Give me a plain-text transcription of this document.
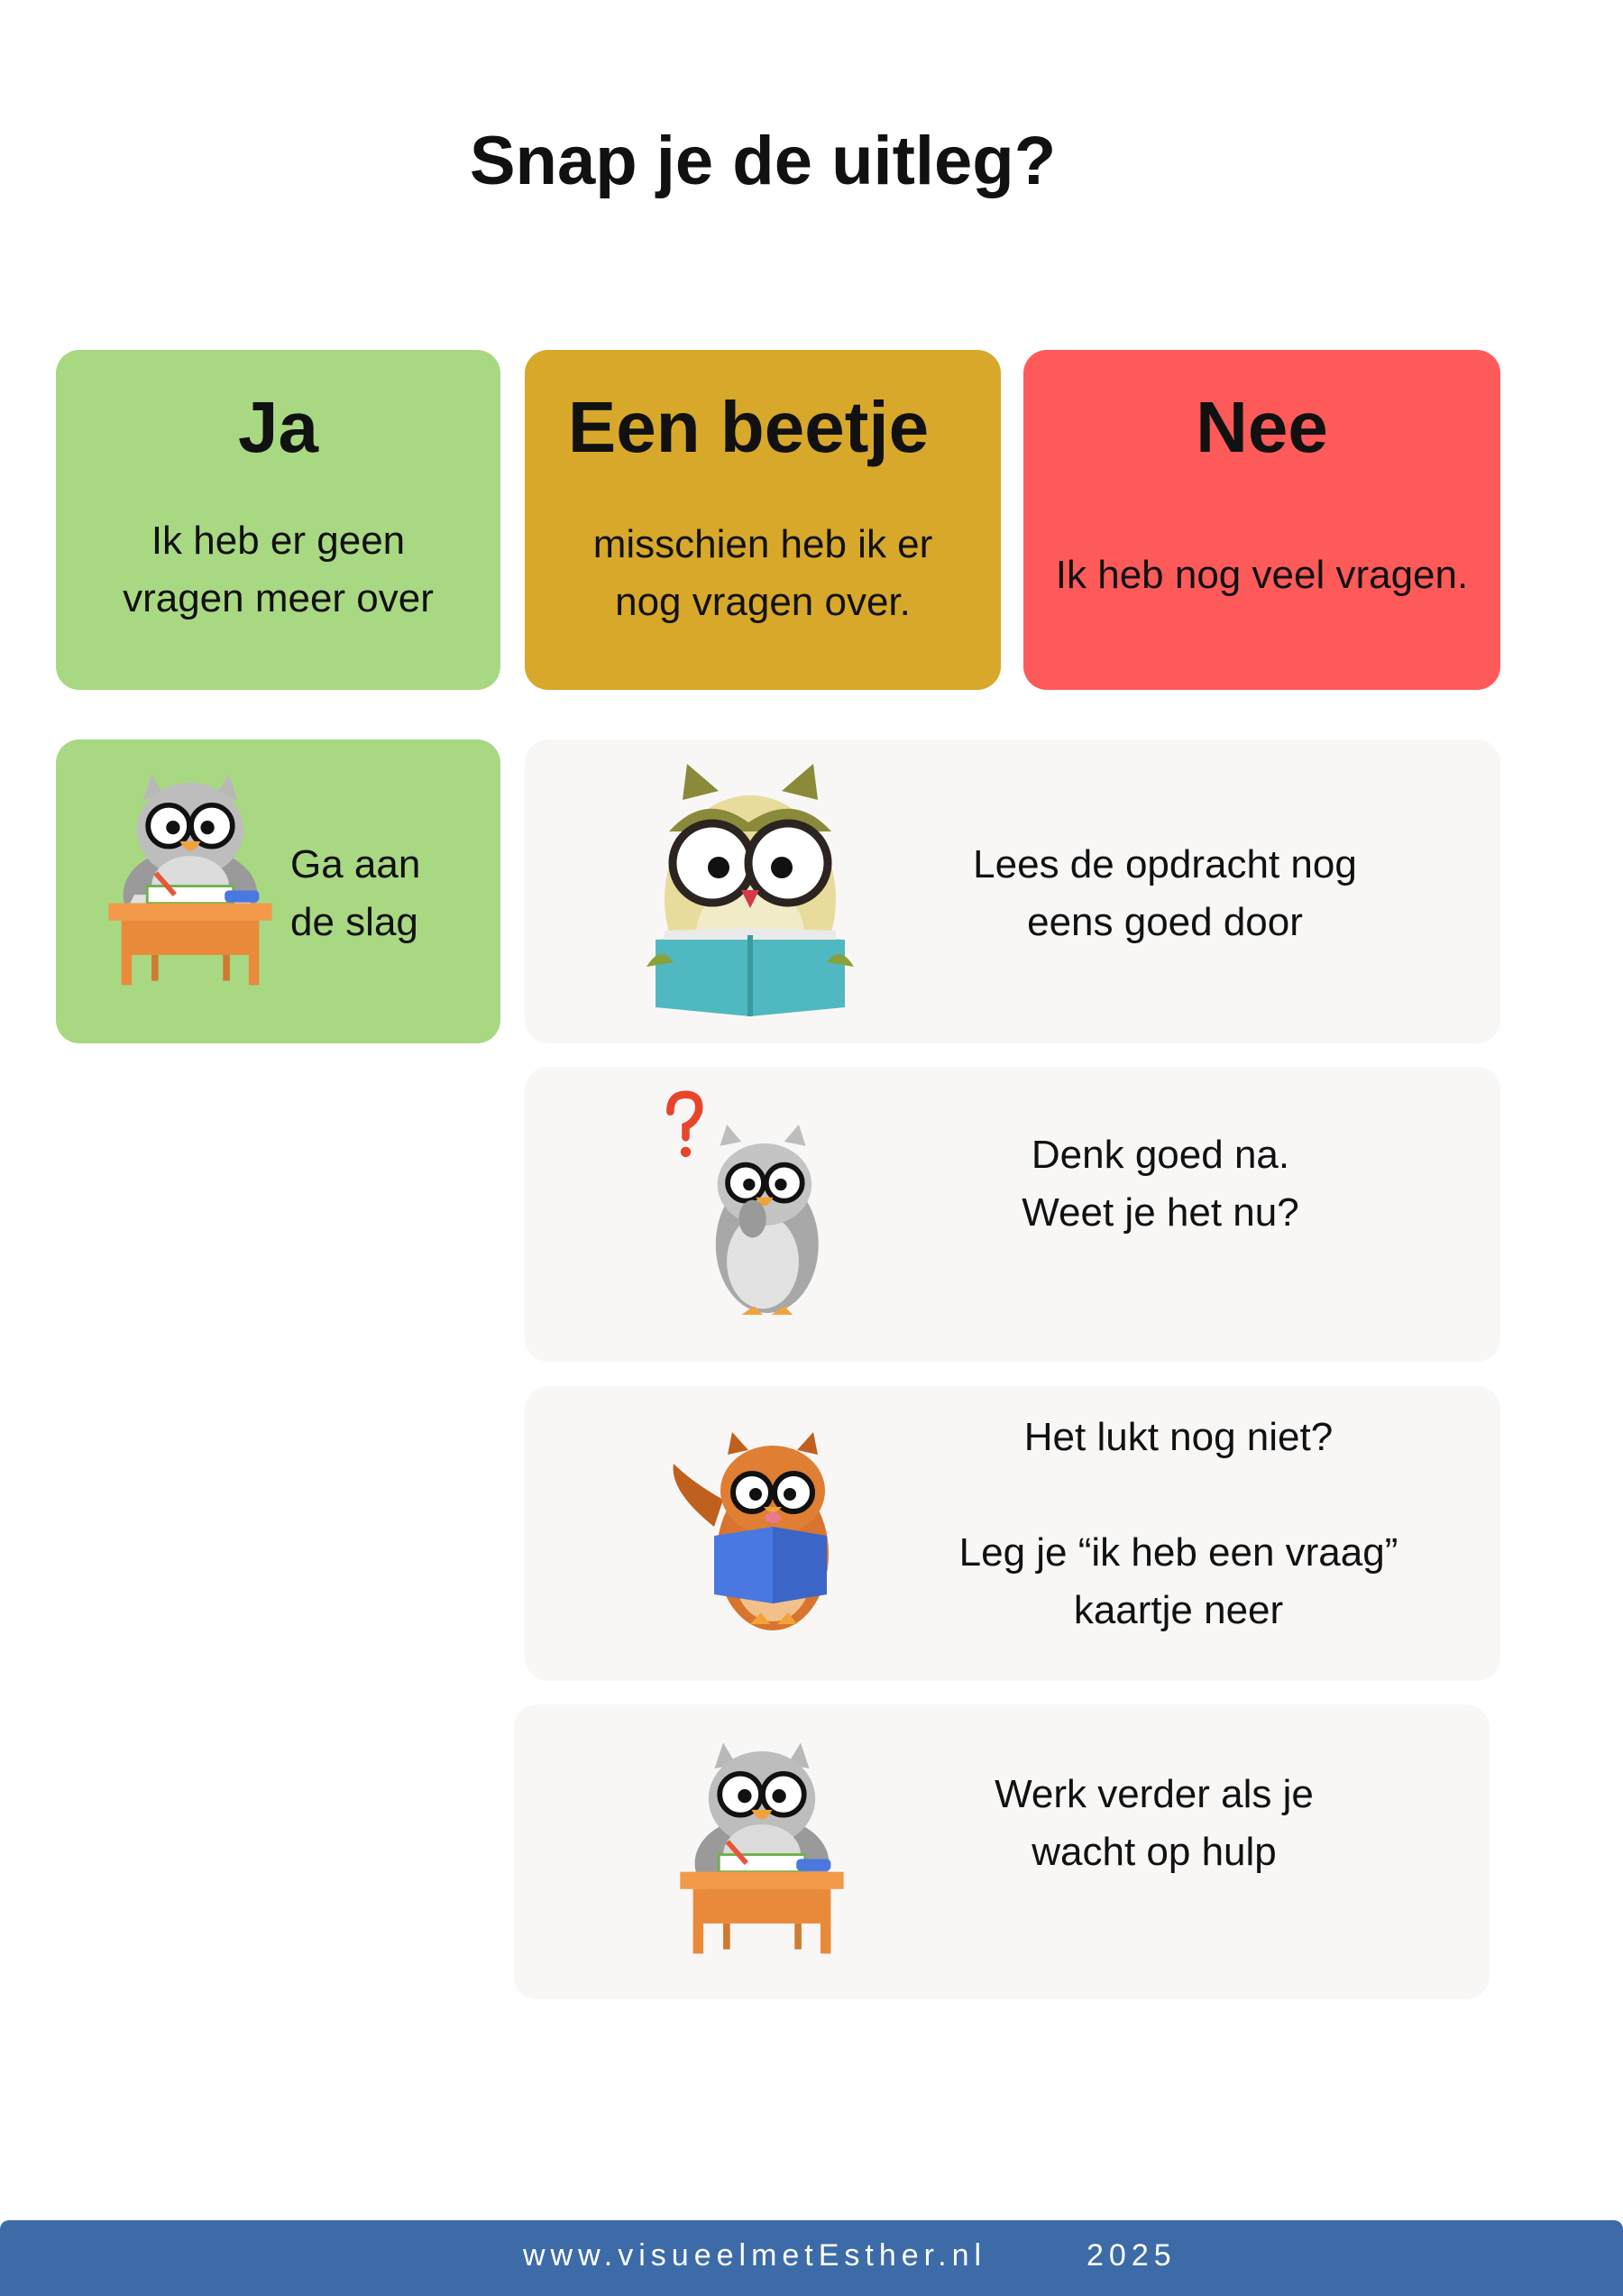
Snap je de uitleg?
Ja
Ik heb er geen vragen meer over
Een beetje
misschien heb ik er nog vragen over.
Nee
Ik heb nog veel vragen.
Ga aan
de slag
Lees de opdracht nog
eens goed door
Denk goed na.
Weet je het nu?
Het lukt nog niet?

Leg je “ik heb een vraag”
kaartje neer
Werk verder als je
wacht op hulp
www.visueelmetEsther.nl	2025
